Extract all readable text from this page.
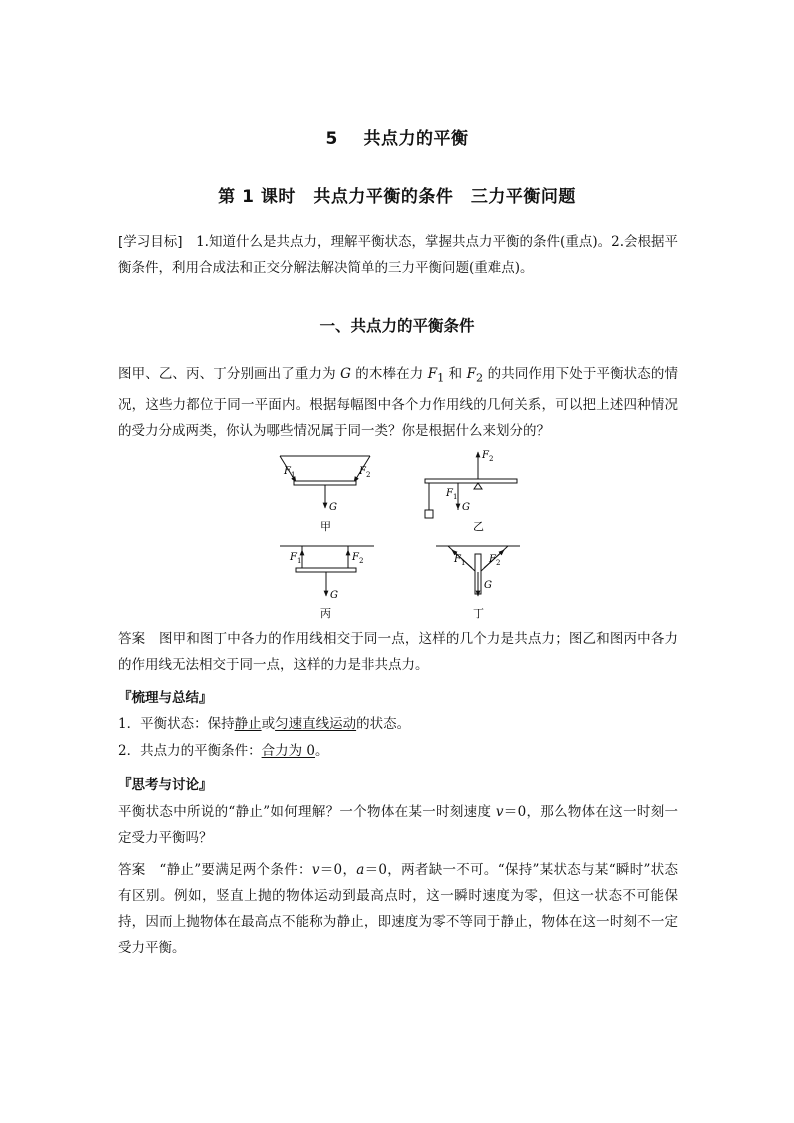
5 共点力的平衡
第 1 课时　共点力平衡的条件　三力平衡问题
[学习目标]　1.知道什么是共点力，理解平衡状态，掌握共点力平衡的条件(重点)。2.会根据平衡条件，利用合成法和正交分解法解决简单的三力平衡问题(重难点)。
一、共点力的平衡条件
图甲、乙、丙、丁分别画出了重力为 G 的木棒在力 $F_1$ 和 $F_2$ 的共同作用下处于平衡状态的情况，这些力都位于同一平面内。根据每幅图中各个力作用线的几何关系，可以把上述四种情况的受力分成两类，你认为哪些情况属于同一类？你是根据什么来划分的？
F 1	F 2
G
甲
F 2
F 1
G
乙
F 1	F 2
G
丙
F 1 F 2
G
丁
答案　图甲和图丁中各力的作用线相交于同一点，这样的几个力是共点力；图乙和图丙中各力的作用线无法相交于同一点，这样的力是非共点力。
『梳理与总结』
1．平衡状态：保持静止或匀速直线运动的状态。
2．共点力的平衡条件：合力为 0。
『思考与讨论』
平衡状态中所说的“静止”如何理解？一个物体在某一时刻速度 v＝0，那么物体在这一时刻一定受力平衡吗？
答案　“静止”要满足两个条件：v＝0，a＝0，两者缺一不可。“保持”某状态与某“瞬时”状态有区别。例如，竖直上抛的物体运动到最高点时，这一瞬时速度为零，但这一状态不可能保持，因而上抛物体在最高点不能称为静止，即速度为零不等同于静止，物体在这一时刻不一定受力平衡。
